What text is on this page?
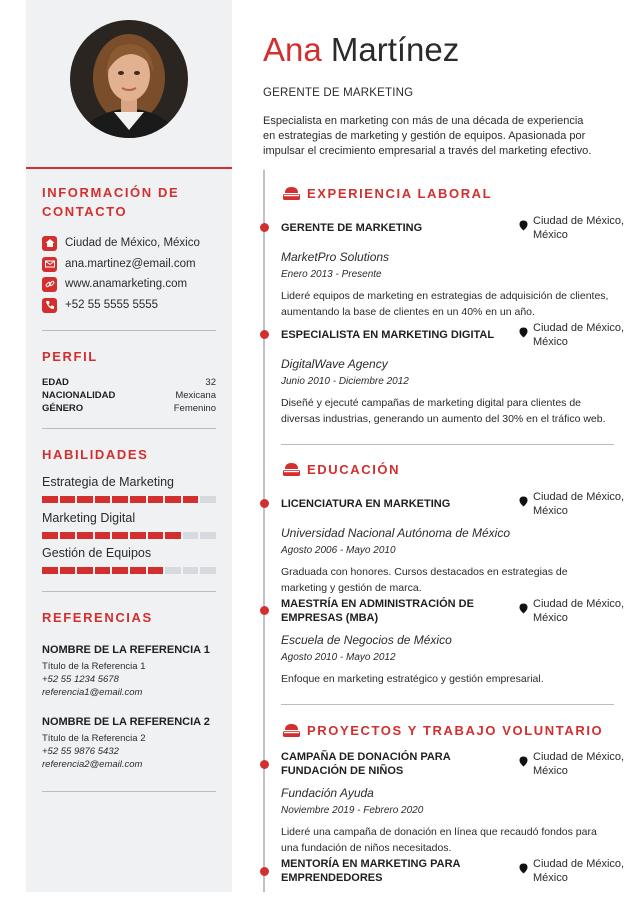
INFORMACIÓN DE CONTACTO
Ciudad de México, México
ana.martinez@email.com
www.anamarketing.com
+52 55 5555 5555
PERFIL
EDAD	32
NACIONALIDAD	Mexicana
GÉNERO	Femenino
HABILIDADES
Estrategia de Marketing
Marketing Digital
Gestión de Equipos
REFERENCIAS
NOMBRE DE LA REFERENCIA 1
Título de la Referencia 1
+52 55 1234 5678
referencia1@email.com
NOMBRE DE LA REFERENCIA 2
Título de la Referencia 2
+52 55 9876 5432
referencia2@email.com
Ana Martínez
GERENTE DE MARKETING
Especialista en marketing con más de una década de experiencia en estrategias de marketing y gestión de equipos. Apasionada por impulsar el crecimiento empresarial a través del marketing efectivo.
EXPERIENCIA LABORAL
GERENTE DE MARKETING
Ciudad de México, México
MarketPro Solutions
Enero 2013 - Presente
Lideré equipos de marketing en estrategias de adquisición de clientes, aumentando la base de clientes en un 40% en un año.
ESPECIALISTA EN MARKETING DIGITAL
Ciudad de México, México
DigitalWave Agency
Junio 2010 - Diciembre 2012
Diseñé y ejecuté campañas de marketing digital para clientes de diversas industrias, generando un aumento del 30% en el tráfico web.
EDUCACIÓN
LICENCIATURA EN MARKETING
Ciudad de México, México
Universidad Nacional Autónoma de México
Agosto 2006 - Mayo 2010
Graduada con honores. Cursos destacados en estrategias de marketing y gestión de marca.
MAESTRÍA EN ADMINISTRACIÓN DE EMPRESAS (MBA)
Ciudad de México, México
Escuela de Negocios de México
Agosto 2010 - Mayo 2012
Enfoque en marketing estratégico y gestión empresarial.
PROYECTOS Y TRABAJO VOLUNTARIO
CAMPAÑA DE DONACIÓN PARA FUNDACIÓN DE NIÑOS
Ciudad de México, México
Fundación Ayuda
Noviembre 2019 - Febrero 2020
Lideré una campaña de donación en línea que recaudó fondos para una fundación de niños necesitados.
MENTORÍA EN MARKETING PARA EMPRENDEDORES
Ciudad de México, México
